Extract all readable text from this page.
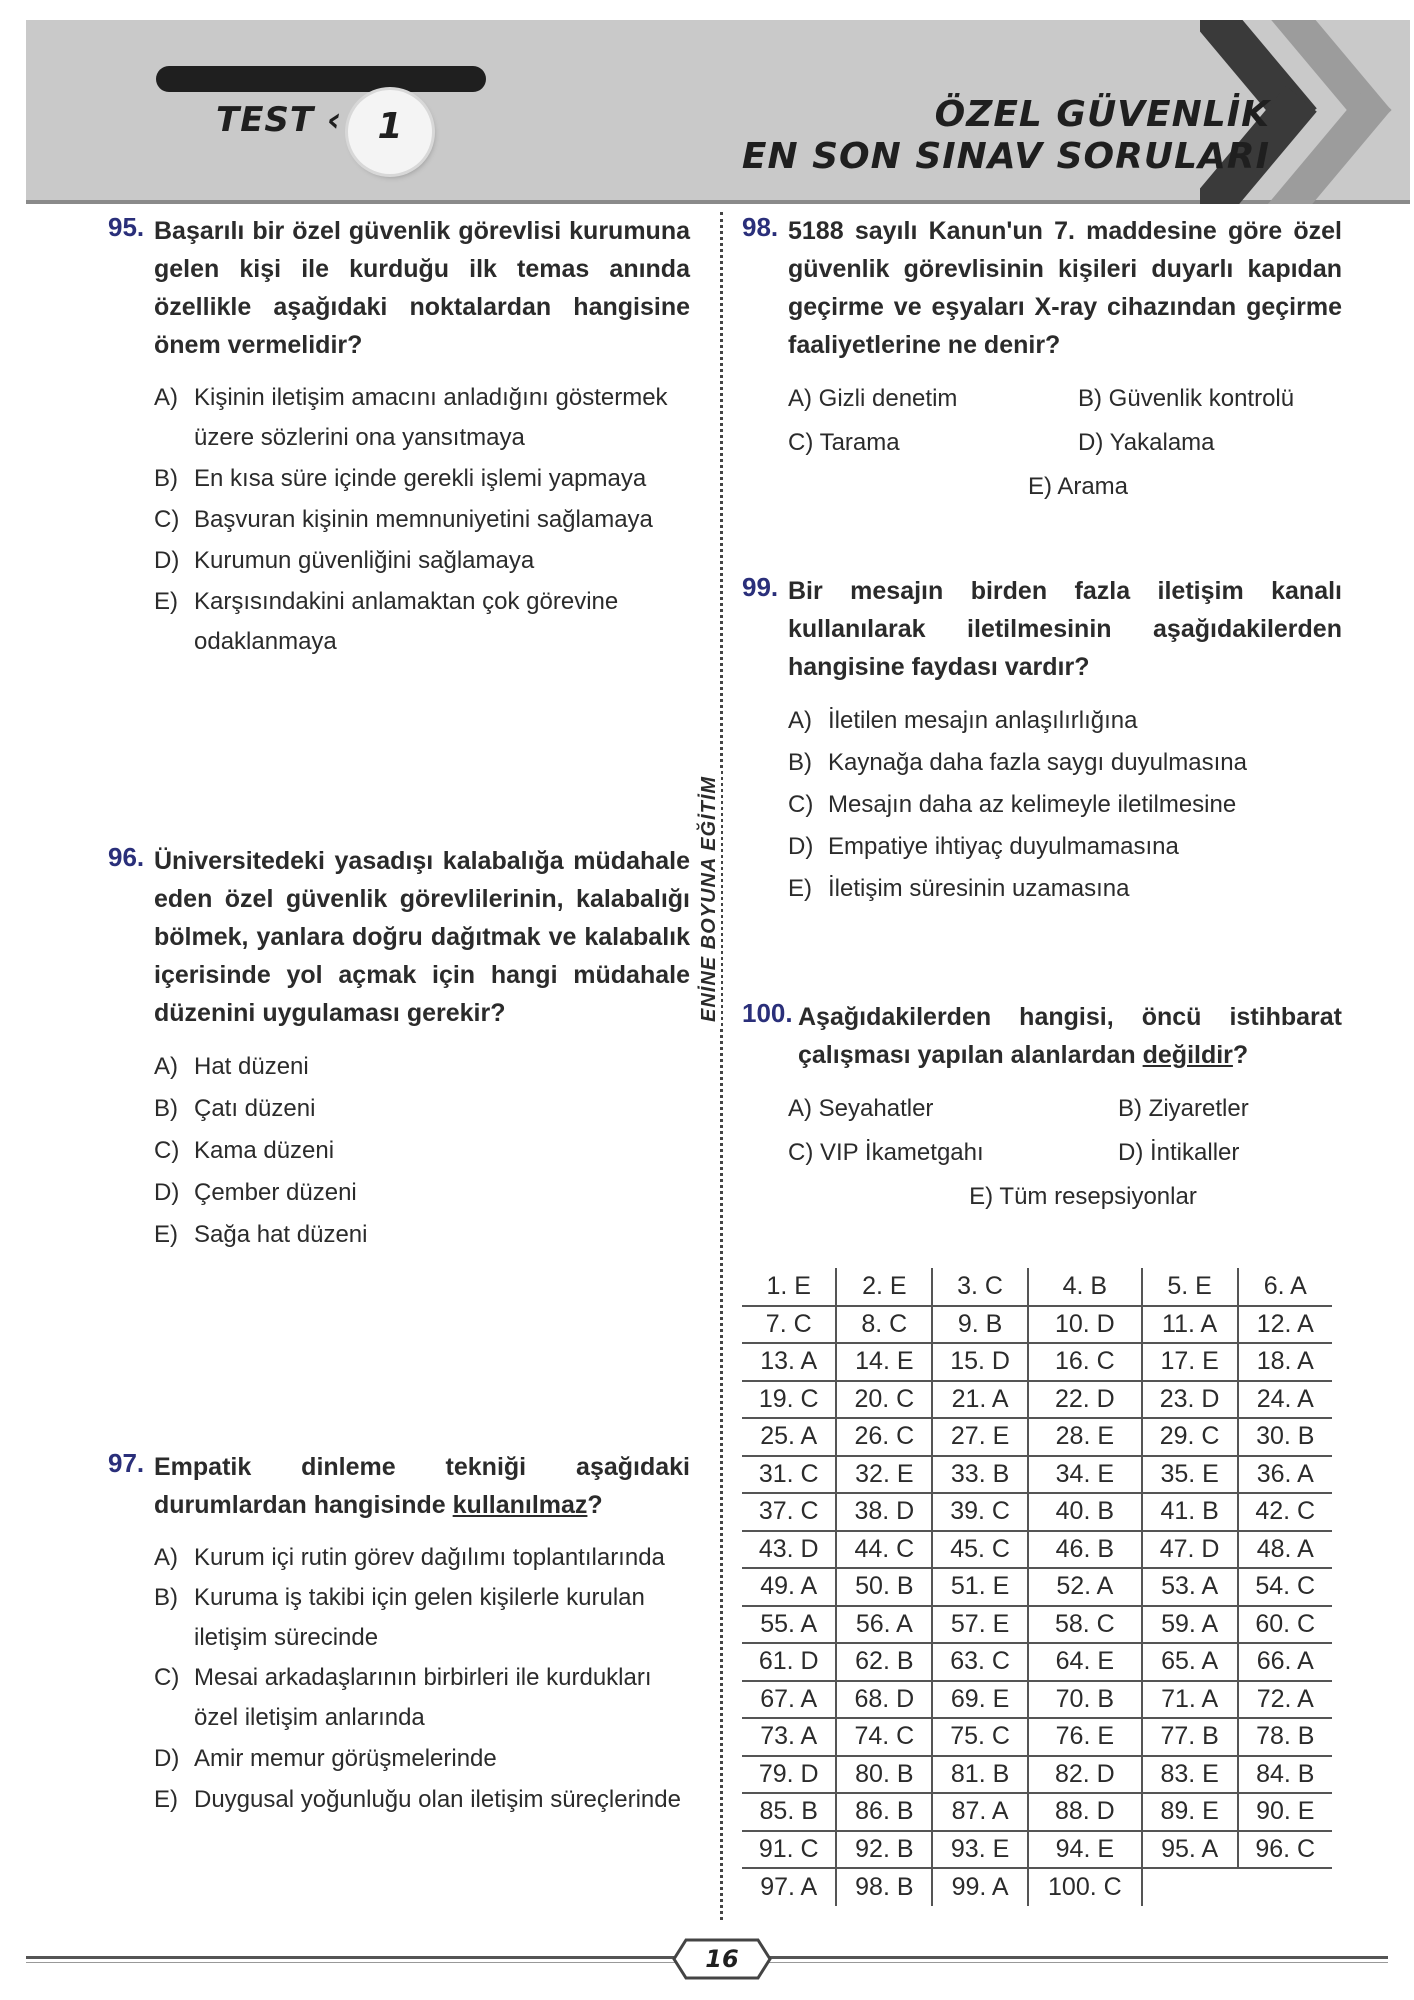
TEST ‹ 1	ÖZEL GÜVENLİK
EN SON SINAV SORULARI
ENİNE BOYUNA EĞİTİM
95. Başarılı bir özel güvenlik görevlisi kurumuna gelen kişi ile kurduğu ilk temas anında özellikle aşağıdaki noktalardan hangisine önem vermelidir?
A) Kişinin iletişim amacını anladığını göstermek üzere sözlerini ona yansıtmaya
B) En kısa süre içinde gerekli işlemi yapmaya
C) Başvuran kişinin memnuniyetini sağlamaya
D) Kurumun güvenliğini sağlamaya
E) Karşısındakini anlamaktan çok görevine odaklanmaya
96. Üniversitedeki yasadışı kalabalığa müdahale eden özel güvenlik görevlilerinin, kalabalığı bölmek, yanlara doğru dağıtmak ve kalabalık içerisinde yol açmak için hangi müdahale düzenini uygulaması gerekir?
A) Hat düzeni
B) Çatı düzeni
C) Kama düzeni
D) Çember düzeni
E) Sağa hat düzeni
97. Empatik dinleme tekniği aşağıdaki durumlardan hangisinde kullanılmaz?
A) Kurum içi rutin görev dağılımı toplantılarında
B) Kuruma iş takibi için gelen kişilerle kurulan iletişim sürecinde
C) Mesai arkadaşlarının birbirleri ile kurdukları özel iletişim anlarında
D) Amir memur görüşmelerinde
E) Duygusal yoğunluğu olan iletişim süreçlerinde
98. 5188 sayılı Kanun'un 7. maddesine göre özel güvenlik görevlisinin kişileri duyarlı kapıdan geçirme ve eşyaları X-ray cihazından geçirme faaliyetlerine ne denir?
A) Gizli denetim	B) Güvenlik kontrolü
C) Tarama	D) Yakalama
E) Arama
99. Bir mesajın birden fazla iletişim kanalı kullanılarak iletilmesinin aşağıdakilerden hangisine faydası vardır?
A) İletilen mesajın anlaşılırlığına
B) Kaynağa daha fazla saygı duyulmasına
C) Mesajın daha az kelimeyle iletilmesine
D) Empatiye ihtiyaç duyulmamasına
E) İletişim süresinin uzamasına
100. Aşağıdakilerden hangisi, öncü istihbarat çalışması yapılan alanlardan değildir?
A) Seyahatler	B) Ziyaretler
C) VIP İkametgahı	D) İntikaller
E) Tüm resepsiyonlar
1. E	2. E	3. C	4. B	5. E	6. A
7. C	8. C	9. B	10. D	11. A	12. A
13. A	14. E	15. D	16. C	17. E	18. A
19. C	20. C	21. A	22. D	23. D	24. A
25. A	26. C	27. E	28. E	29. C	30. B
31. C	32. E	33. B	34. E	35. E	36. A
37. C	38. D	39. C	40. B	41. B	42. C
43. D	44. C	45. C	46. B	47. D	48. A
49. A	50. B	51. E	52. A	53. A	54. C
55. A	56. A	57. E	58. C	59. A	60. C
61. D	62. B	63. C	64. E	65. A	66. A
67. A	68. D	69. E	70. B	71. A	72. A
73. A	74. C	75. C	76. E	77. B	78. B
79. D	80. B	81. B	82. D	83. E	84. B
85. B	86. B	87. A	88. D	89. E	90. E
91. C	92. B	93. E	94. E	95. A	96. C
97. A	98. B	99. A	100. C		
16
